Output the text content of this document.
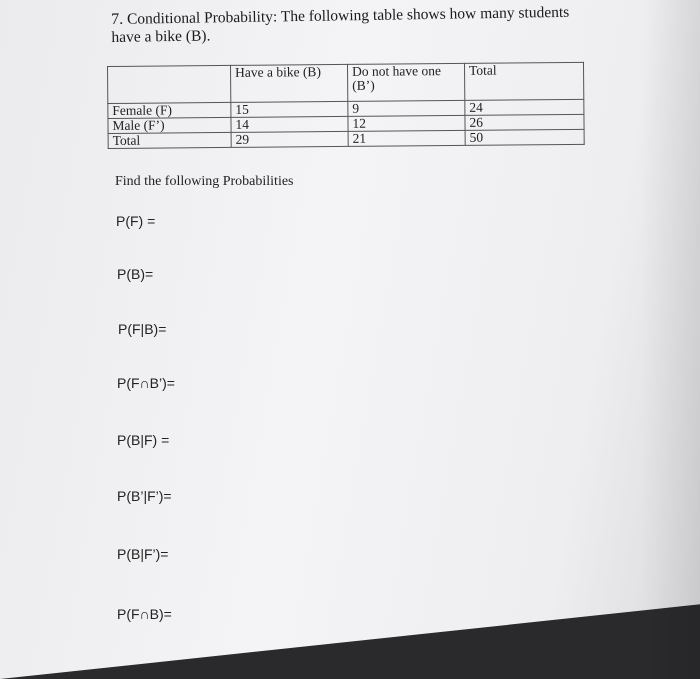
7. Conditional Probability: The following table shows how many students
have a bike (B).
	Have a bike (B)	Do not have one (B’)	Total
Female (F)	15	9	24
Male (F’)	14	12	26
Total	29	21	50
Find the following Probabilities
P(F) =
P(B)=
P(F|B)=
P(F∩B’)=
P(B|F) =
P(B’|F’)=
P(B|F’)=
P(F∩B)=
